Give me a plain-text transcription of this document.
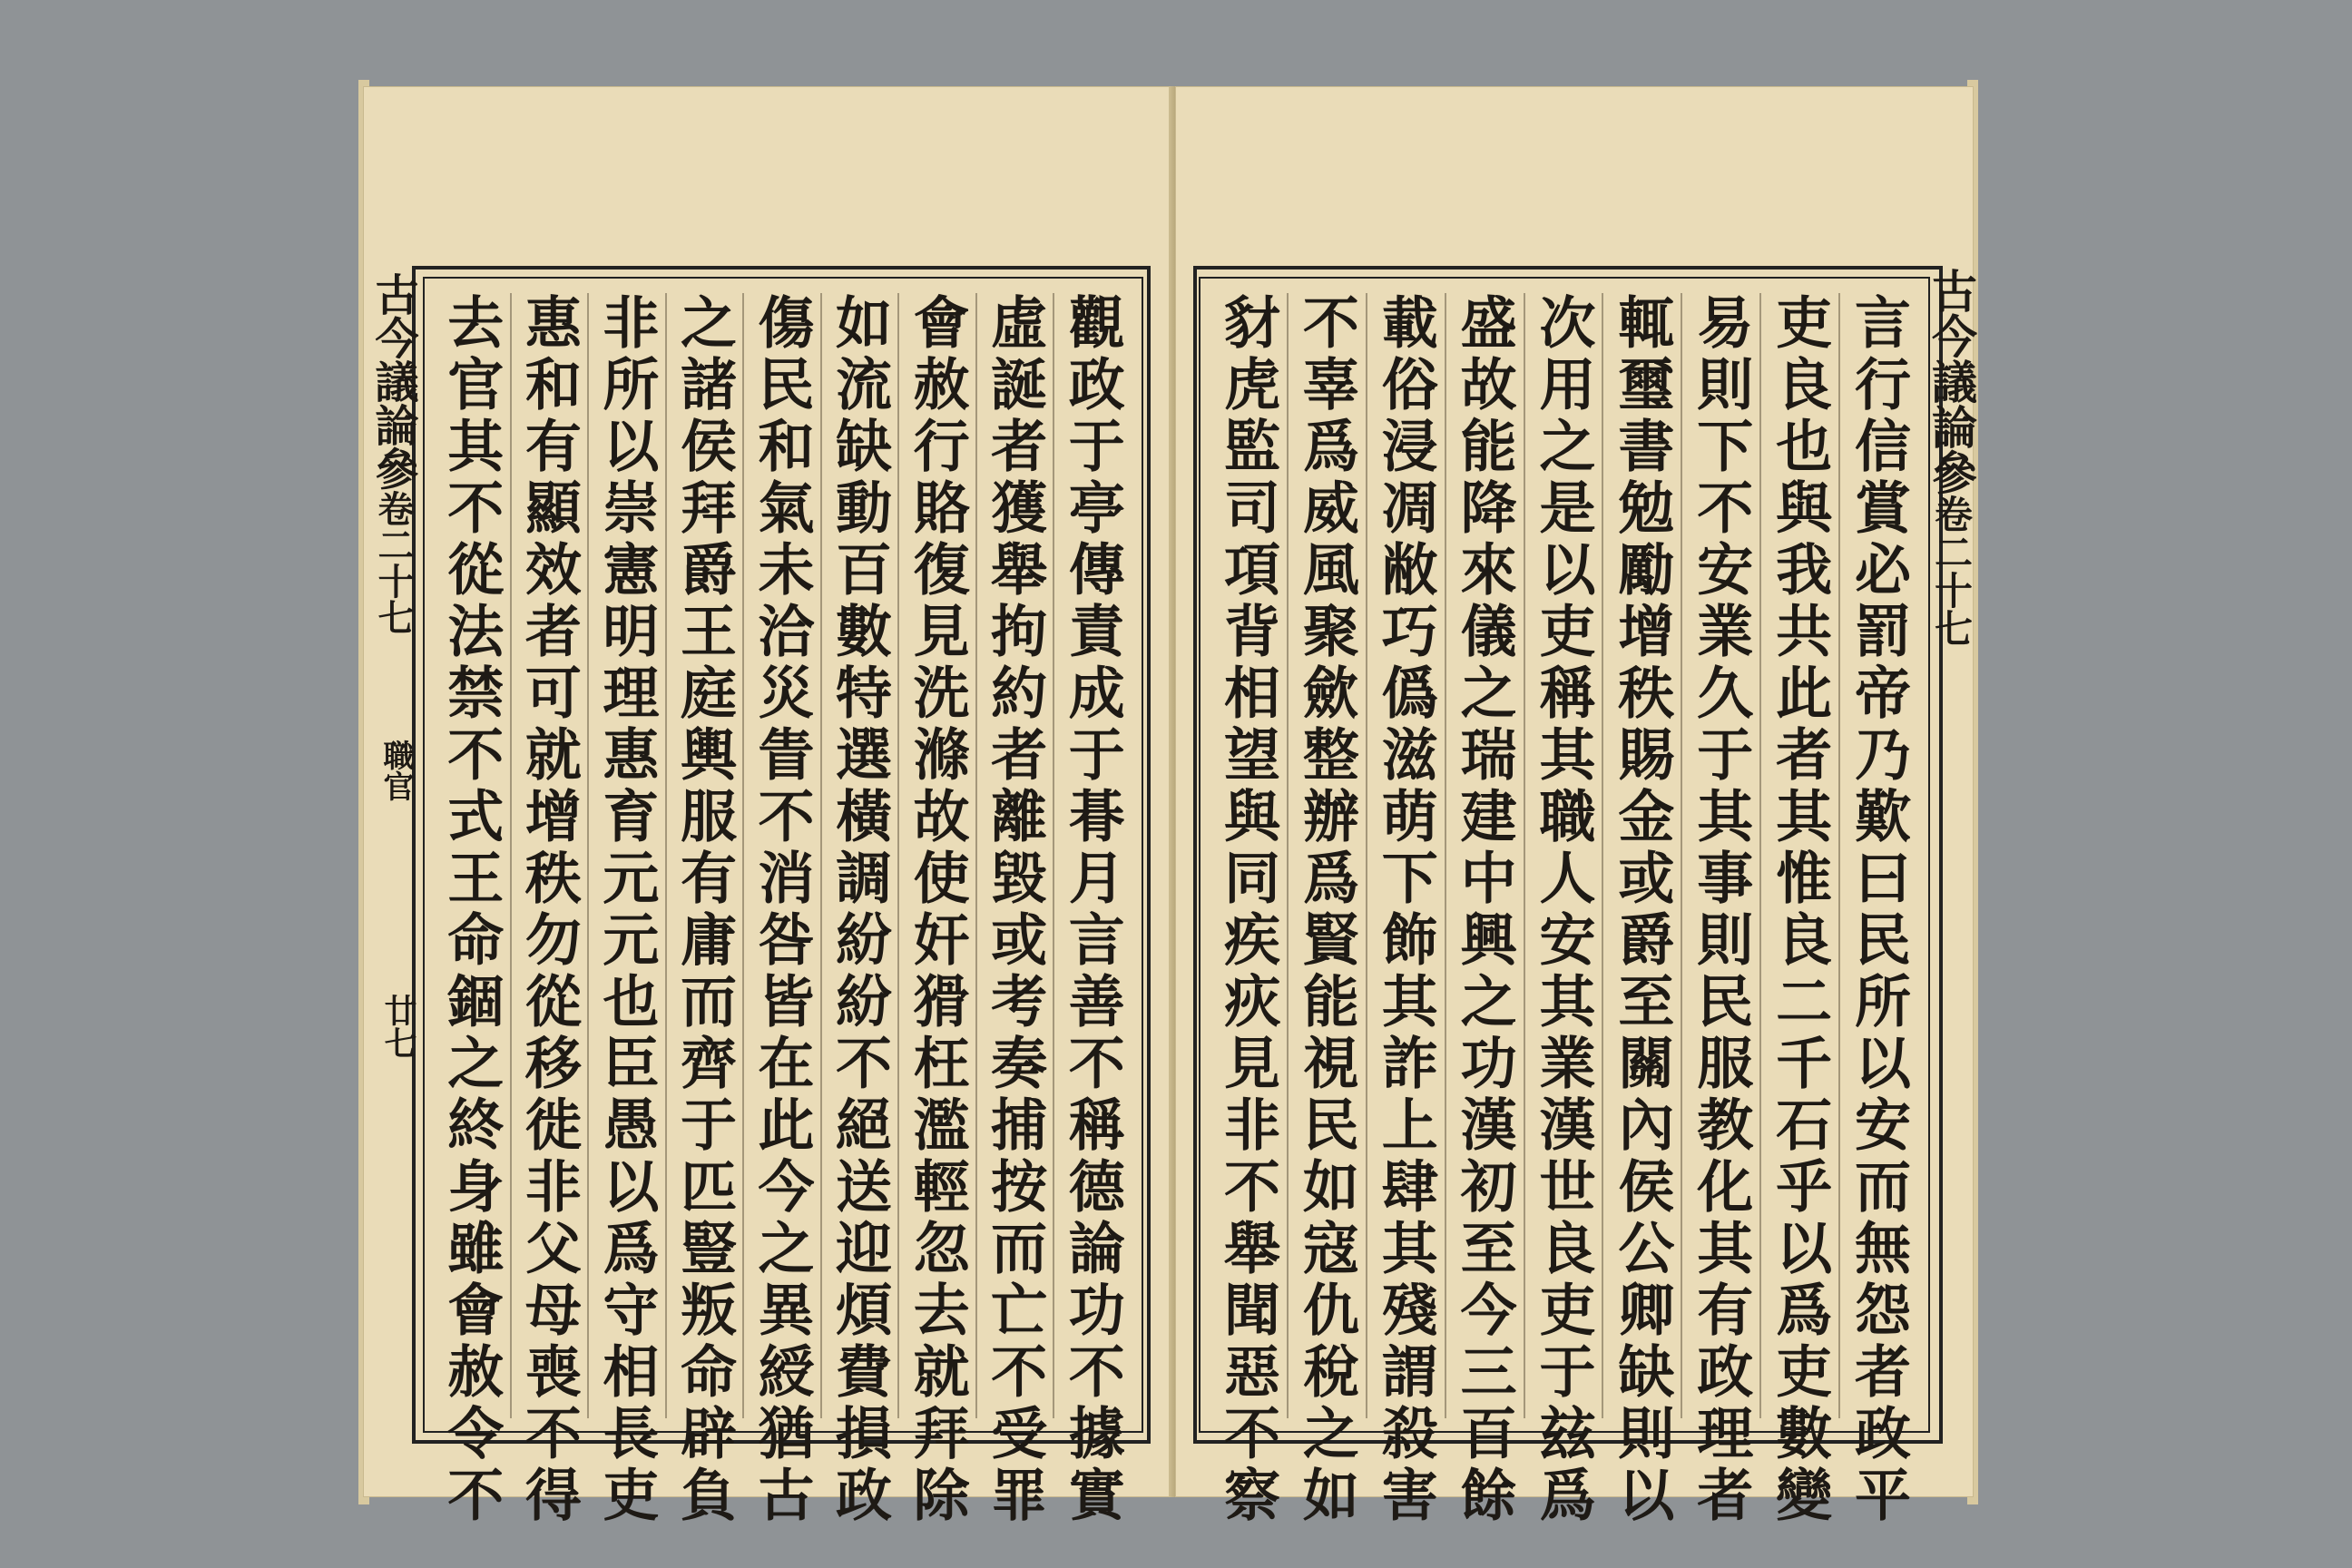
古今議論參卷二十七
職官
廿七	觀政于亭傳責成于朞月言善不稱德論功不據實
虛誕者獲舉拘約者離毀或考奏捕按而亡不受罪
會赦行賂復見洗滌故使奸猾枉濫輕忽去就拜除
如流缺動百數特選橫調紛紛不絕送迎煩費損政
傷民和氣未洽災眚不消咎皆在此今之異綬猶古
之諸侯拜爵王庭輿服有庸而齊于匹豎叛命辟負
非所以崇憲明理惠育元元也臣愚以爲守相長吏
惠和有顯效者可就增秩勿從移徙非父母喪不得
去官其不從法禁不式王命錮之終身雖會赦令不	古今議論參卷二十七
言行信賞必罰帝乃歎曰民所以安而無怨者政平
吏良也與我共此者其惟良二千石乎以爲吏數變
易則下不安業久于其事則民服教化其有政理者
輒璽書勉勵增秩賜金或爵至關內侯公卿缺則以
次用之是以吏稱其職人安其業漢世良吏于玆爲
盛故能降來儀之瑞建中興之功漢初至今三百餘
載俗浸凋敝巧僞滋萌下飾其詐上肆其殘謂殺害
不辜爲威風聚歛整辦爲賢能視民如寇仇稅之如
豺虎監司項背相望與同疾疢見非不舉聞惡不察
